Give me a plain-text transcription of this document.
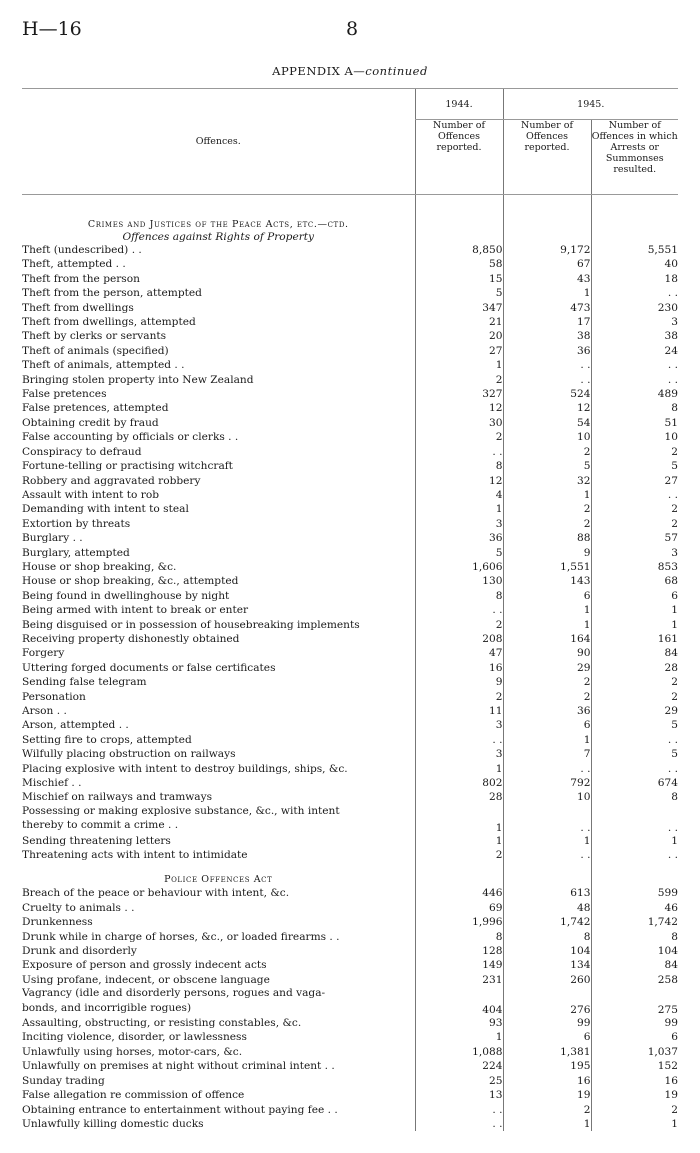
H—16	8
APPENDIX A—continued
Offences.	1944.	1945.	
	Number of Offences reported.	Number of Offences reported.	Number of Offences in which Arrests or Summonses resulted.

Crimes and Justices of the Peace Acts, etc.—ctd.			
Offences against Rights of Property			
Theft (undescribed) . .	8,850	9,172	5,551
Theft, attempted . .	58	67	40
Theft from the person	15	43	18
Theft from the person, attempted	5	1	. .
Theft from dwellings	347	473	230
Theft from dwellings, attempted	21	17	3
Theft by clerks or servants	20	38	38
Theft of animals (specified)	27	36	24
Theft of animals, attempted . .	1	. .	. .
Bringing stolen property into New Zealand	2	. .	. .
False pretences	327	524	489
False pretences, attempted	12	12	8
Obtaining credit by fraud	30	54	51
False accounting by officials or clerks . .	2	10	10
Conspiracy to defraud	. .	2	2
Fortune-telling or practising witchcraft	8	5	5
Robbery and aggravated robbery	12	32	27
Assault with intent to rob	4	1	. .
Demanding with intent to steal	1	2	2
Extortion by threats	3	2	2
Burglary . .	36	88	57
Burglary, attempted	5	9	3
House or shop breaking, &c.	1,606	1,551	853
House or shop breaking, &c., attempted	130	143	68
Being found in dwellinghouse by night	8	6	6
Being armed with intent to break or enter	. .	1	1
Being disguised or in possession of housebreaking implements	2	1	1
Receiving property dishonestly obtained	208	164	161
Forgery	47	90	84
Uttering forged documents or false certificates	16	29	28
Sending false telegram	9	2	2
Personation	2	2	2
Arson . .	11	36	29
Arson, attempted . .	3	6	5
Setting fire to crops, attempted	. .	1	. .
Wilfully placing obstruction on railways	3	7	5
Placing explosive with intent to destroy buildings, ships, &c.	1	. .	. .
Mischief . .	802	792	674
Mischief on railways and tramways	28	10	8
Possessing or making explosive substance, &c., with intent			
thereby to commit a crime . .	1	. .	. .
Sending threatening letters	1	1	1
Threatening acts with intent to intimidate	2	. .	. .
Police Offences Act			
Breach of the peace or behaviour with intent, &c.	446	613	599
Cruelty to animals . .	69	48	46
Drunkenness	1,996	1,742	1,742
Drunk while in charge of horses, &c., or loaded firearms . .	8	8	8
Drunk and disorderly	128	104	104
Exposure of person and grossly indecent acts	149	134	84
Using profane, indecent, or obscene language	231	260	258
Vagrancy (idle and disorderly persons, rogues and vaga-			
bonds, and incorrigible rogues)	404	276	275
Assaulting, obstructing, or resisting constables, &c.	93	99	99
Inciting violence, disorder, or lawlessness	1	6	6
Unlawfully using horses, motor-cars, &c.	1,088	1,381	1,037
Unlawfully on premises at night without criminal intent . .	224	195	152
Sunday trading	25	16	16
False allegation re commission of offence	13	19	19
Obtaining entrance to entertainment without paying fee . .	. .	2	2
Unlawfully killing domestic ducks	. .	1	1
